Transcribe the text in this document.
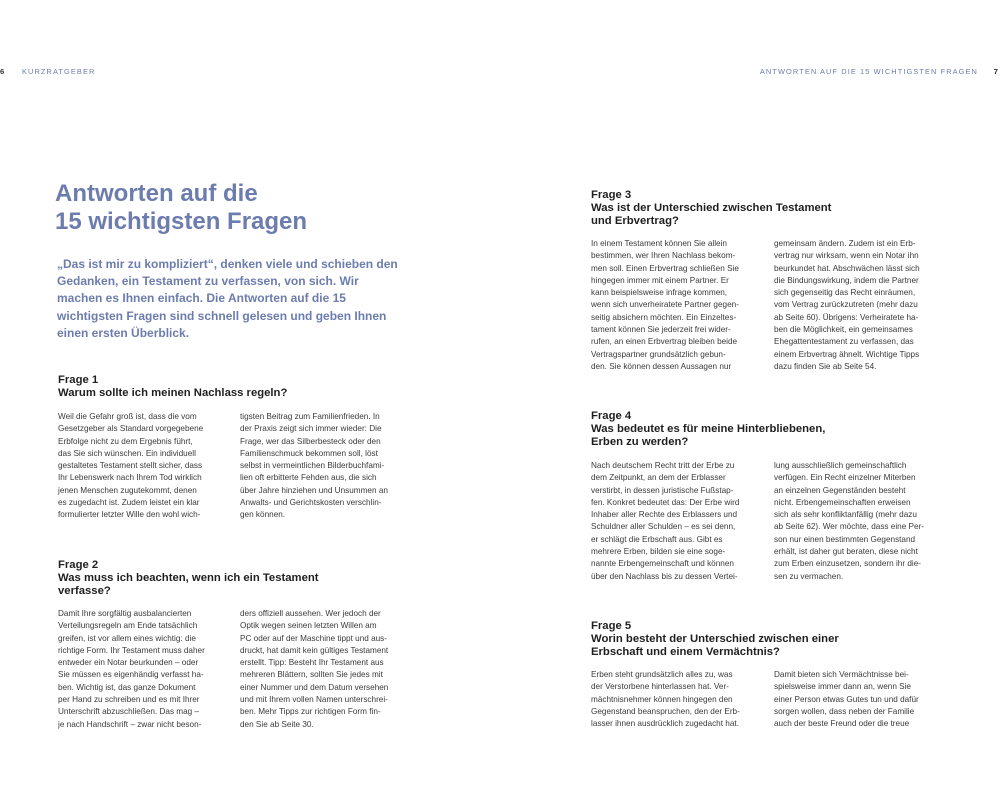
6 KURZRATGEBER	ANTWORTEN AUF DIE 15 WICHTIGSTEN FRAGEN 7
Antworten auf die
15 wichtigsten Fragen

„Das ist mir zu kompliziert“, denken viele und schieben den Gedanken, ein Testament zu verfassen, von sich. Wir machen es Ihnen einfach. Die Antworten auf die 15 wichtigsten Fragen sind schnell gelesen und geben Ihnen einen ersten Überblick.

Frage 1

Warum sollte ich meinen Nachlass regeln?

Weil die Gefahr groß ist, dass die vom
Gesetzgeber als Standard vorgegebene
Erbfolge nicht zu dem Ergebnis führt,
das Sie sich wünschen. Ein individuell
gestaltetes Testament stellt sicher, dass
Ihr Lebenswerk nach Ihrem Tod wirklich
jenen Menschen zugutekommt, denen
es zugedacht ist. Zudem leistet ein klar
formulierter letzter Wille den wohl wich-

tigsten Beitrag zum Familienfrieden. In
der Praxis zeigt sich immer wieder: Die
Frage, wer das Silberbesteck oder den
Familienschmuck bekommen soll, löst
selbst in vermeintlichen Bilderbuchfami-
lien oft erbitterte Fehden aus, die sich
über Jahre hinziehen und Unsummen an
Anwalts- und Gerichtskosten verschlin-
gen können.

Frage 2

Was muss ich beachten, wenn ich ein Testament
verfasse?

Damit Ihre sorgfältig ausbalancierten
Verteilungsregeln am Ende tatsächlich
greifen, ist vor allem eines wichtig: die
richtige Form. Ihr Testament muss daher
entweder ein Notar beurkunden – oder
Sie müssen es eigenhändig verfasst ha-
ben. Wichtig ist, das ganze Dokument
per Hand zu schreiben und es mit Ihrer
Unterschrift abzuschließen. Das mag –
je nach Handschrift – zwar nicht beson-

ders offiziell aussehen. Wer jedoch der
Optik wegen seinen letzten Willen am
PC oder auf der Maschine tippt und aus-
druckt, hat damit kein gültiges Testament
erstellt. Tipp: Besteht Ihr Testament aus
mehreren Blättern, sollten Sie jedes mit
einer Nummer und dem Datum versehen
und mit Ihrem vollen Namen unterschrei-
ben. Mehr Tipps zur richtigen Form fin-
den Sie ab Seite 30.

Frage 3

Was ist der Unterschied zwischen Testament
und Erbvertrag?

In einem Testament können Sie allein
bestimmen, wer Ihren Nachlass bekom-
men soll. Einen Erbvertrag schließen Sie
hingegen immer mit einem Partner. Er
kann beispielsweise infrage kommen,
wenn sich unverheiratete Partner gegen-
seitig absichern möchten. Ein Einzeltes-
tament können Sie jederzeit frei wider-
rufen, an einen Erbvertrag bleiben beide
Vertragspartner grundsätzlich gebun-
den. Sie können dessen Aussagen nur

gemeinsam ändern. Zudem ist ein Erb-
vertrag nur wirksam, wenn ein Notar ihn
beurkundet hat. Abschwächen lässt sich
die Bindungswirkung, indem die Partner
sich gegenseitig das Recht einräumen,
vom Vertrag zurückzutreten (mehr dazu
ab Seite 60). Übrigens: Verheiratete ha-
ben die Möglichkeit, ein gemeinsames
Ehegattentestament zu verfassen, das
einem Erbvertrag ähnelt. Wichtige Tipps
dazu finden Sie ab Seite 54.

Frage 4

Was bedeutet es für meine Hinterbliebenen,
Erben zu werden?

Nach deutschem Recht tritt der Erbe zu
dem Zeitpunkt, an dem der Erblasser
verstirbt, in dessen juristische Fußstap-
fen. Konkret bedeutet das: Der Erbe wird
Inhaber aller Rechte des Erblassers und
Schuldner aller Schulden – es sei denn,
er schlägt die Erbschaft aus. Gibt es
mehrere Erben, bilden sie eine soge-
nannte Erbengemeinschaft und können
über den Nachlass bis zu dessen Vertei-

lung ausschließlich gemeinschaftlich
verfügen. Ein Recht einzelner Miterben
an einzelnen Gegenständen besteht
nicht. Erbengemeinschaften erweisen
sich als sehr konfliktanfällig (mehr dazu
ab Seite 62). Wer möchte, dass eine Per-
son nur einen bestimmten Gegenstand
erhält, ist daher gut beraten, diese nicht
zum Erben einzusetzen, sondern ihr die-
sen zu vermachen.

Frage 5

Worin besteht der Unterschied zwischen einer
Erbschaft und einem Vermächtnis?

Erben steht grundsätzlich alles zu, was
der Verstorbene hinterlassen hat. Ver-
mächtnisnehmer können hingegen den
Gegenstand beanspruchen, den der Erb-
lasser ihnen ausdrücklich zugedacht hat.

Damit bieten sich Vermächtnisse bei-
spielsweise immer dann an, wenn Sie
einer Person etwas Gutes tun und dafür
sorgen wollen, dass neben der Familie
auch der beste Freund oder die treue
